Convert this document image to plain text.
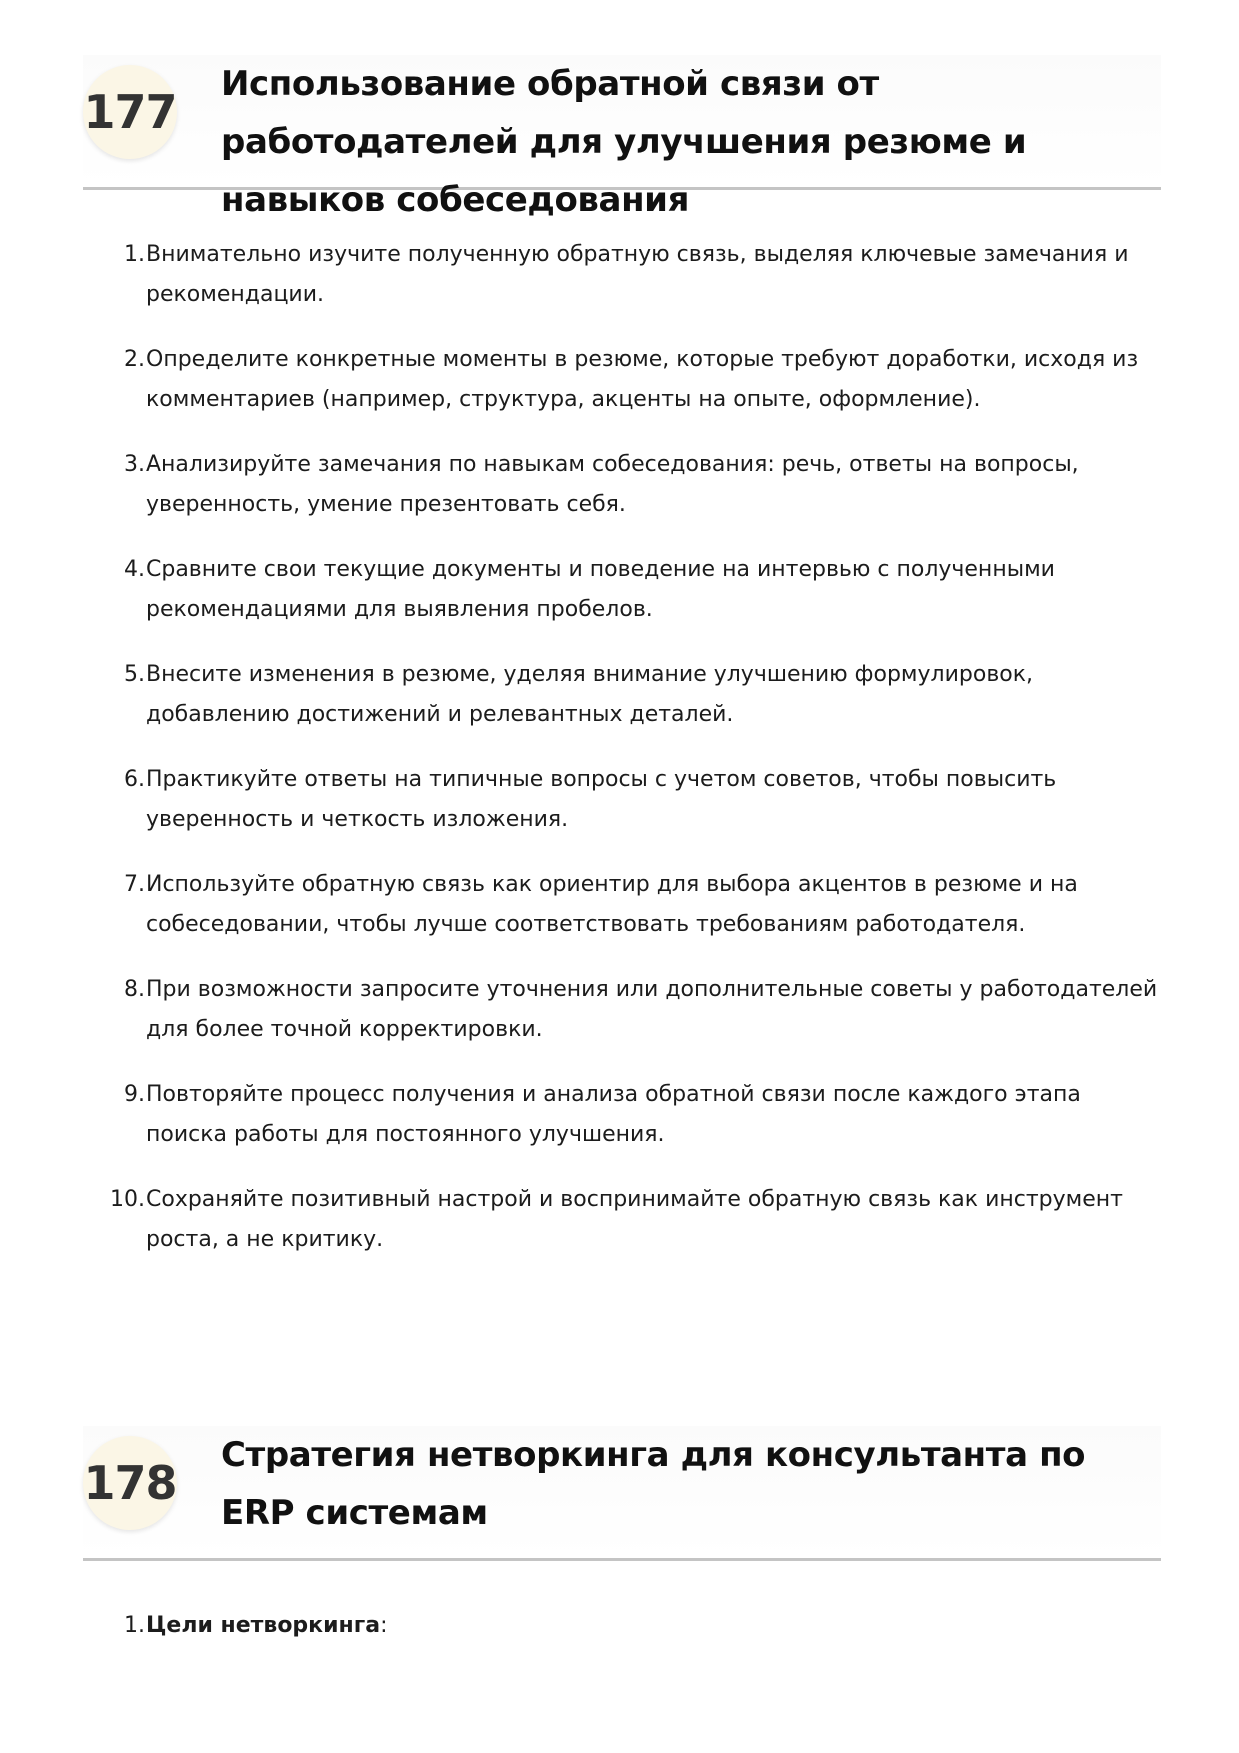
177
Использование обратной связи от работодателей для улучшения резюме и навыков собеседования
1. Внимательно изучите полученную обратную связь, выделяя ключевые замечания и рекомендации.
2. Определите конкретные моменты в резюме, которые требуют доработки, исходя из комментариев (например, структура, акценты на опыте, оформление).
3. Анализируйте замечания по навыкам собеседования: речь, ответы на вопросы, уверенность, умение презентовать себя.
4. Сравните свои текущие документы и поведение на интервью с полученными рекомендациями для выявления пробелов.
5. Внесите изменения в резюме, уделяя внимание улучшению формулировок, добавлению достижений и релевантных деталей.
6. Практикуйте ответы на типичные вопросы с учетом советов, чтобы повысить уверенность и четкость изложения.
7. Используйте обратную связь как ориентир для выбора акцентов в резюме и на собеседовании, чтобы лучше соответствовать требованиям работодателя.
8. При возможности запросите уточнения или дополнительные советы у работодателей для более точной корректировки.
9. Повторяйте процесс получения и анализа обратной связи после каждого этапа поиска работы для постоянного улучшения.
10. Сохраняйте позитивный настрой и воспринимайте обратную связь как инструмент роста, а не критику.
178
Стратегия нетворкинга для консультанта по ERP системам
1. Цели нетворкинга:
